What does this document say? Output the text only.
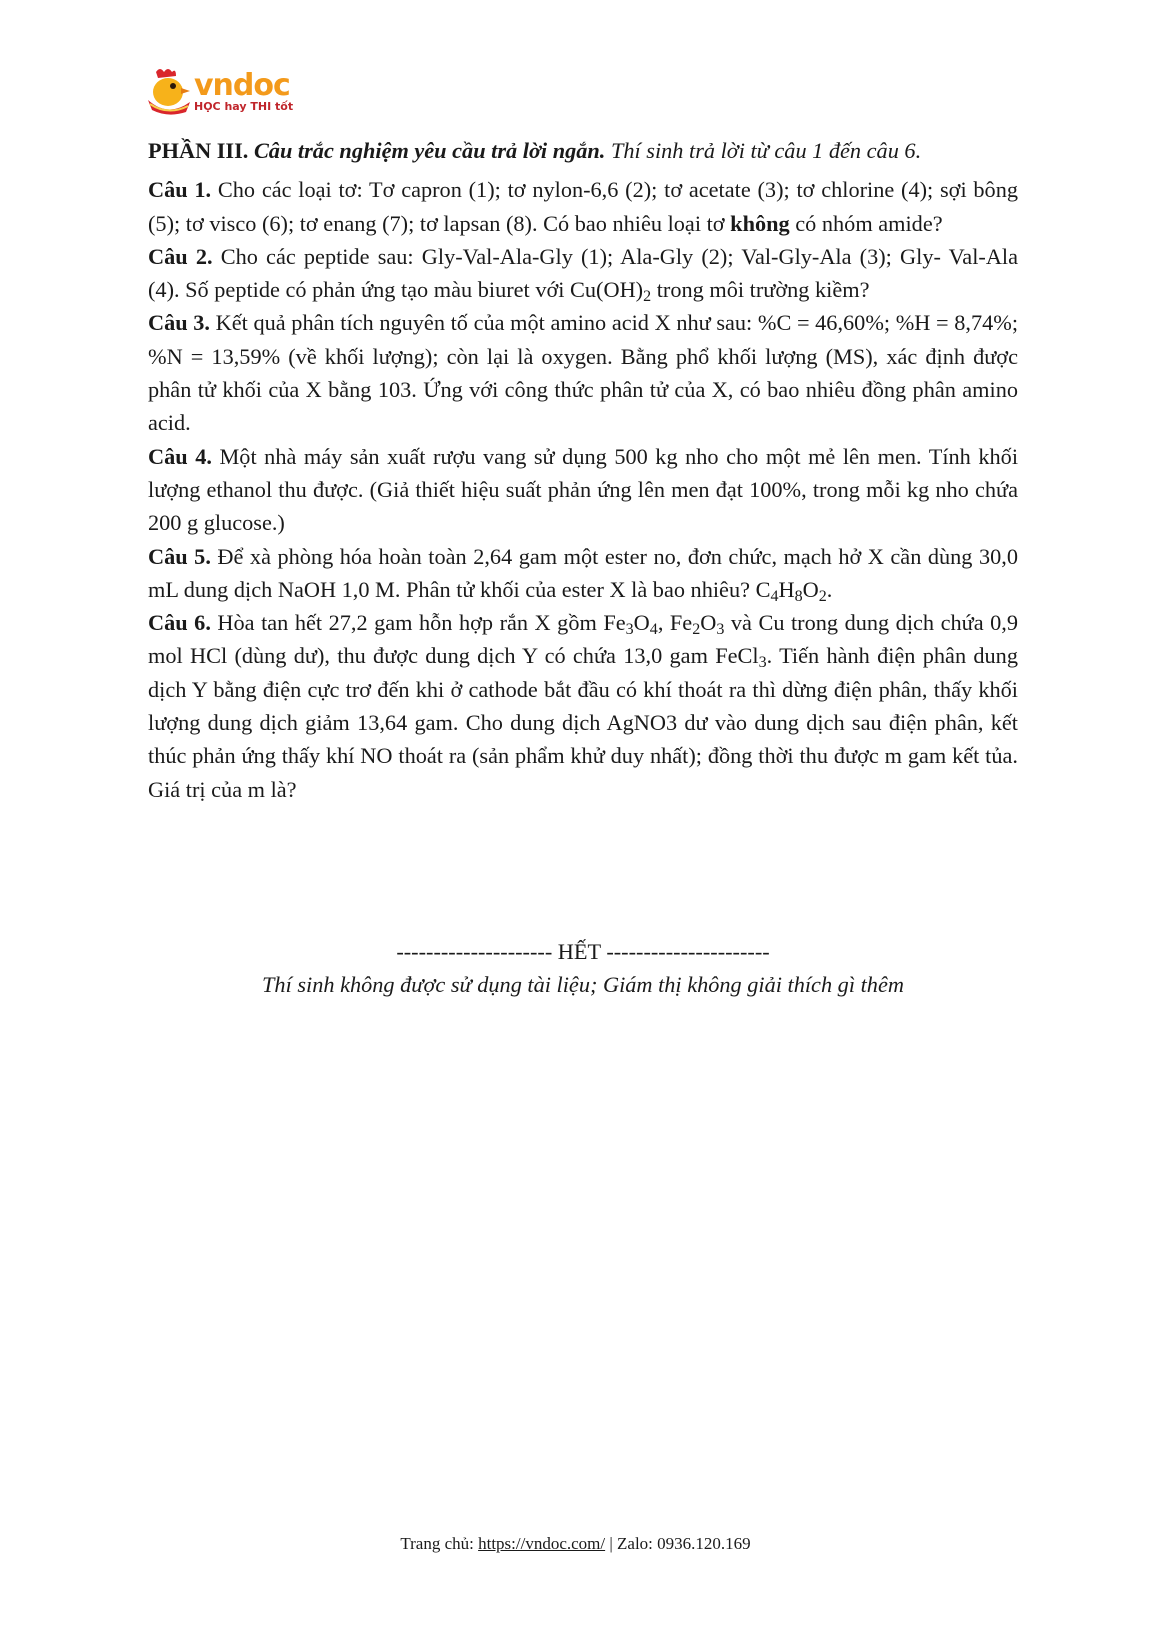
vndoc
HỌC hay THI tốt

PHẦN III. Câu trắc nghiệm yêu cầu trả lời ngắn. Thí sinh trả lời từ câu 1 đến câu 6.

Câu 1. Cho các loại tơ: Tơ capron (1); tơ nylon-6,6 (2); tơ acetate (3); tơ chlorine (4); sợi bông (5); tơ visco (6); tơ enang (7); tơ lapsan (8). Có bao nhiêu loại tơ không có nhóm amide?

Câu 2. Cho các peptide sau: Gly-Val-Ala-Gly (1); Ala-Gly (2); Val-Gly-Ala (3); Gly- Val-Ala (4). Số peptide có phản ứng tạo màu biuret với $Cu(OH)_2$ trong môi trường kiềm?

Câu 3. Kết quả phân tích nguyên tố của một amino acid X như sau: %C = 46,60%; %H = 8,74%; %N = 13,59% (về khối lượng); còn lại là oxygen. Bằng phổ khối lượng (MS), xác định được phân tử khối của X bằng 103. Ứng với công thức phân tử của X, có bao nhiêu đồng phân amino acid.

Câu 4. Một nhà máy sản xuất rượu vang sử dụng 500 kg nho cho một mẻ lên men. Tính khối lượng ethanol thu được. (Giả thiết hiệu suất phản ứng lên men đạt 100%, trong mỗi kg nho chứa 200 g glucose.)

Câu 5. Để xà phòng hóa hoàn toàn 2,64 gam một ester no, đơn chức, mạch hở X cần dùng 30,0 mL dung dịch NaOH 1,0 M. Phân tử khối của ester X là bao nhiêu? $C_4H_8O_2$.

Câu 6. Hòa tan hết 27,2 gam hỗn hợp rắn X gồm $Fe_3O_4$, $Fe_2O_3$ và Cu trong dung dịch chứa 0,9 mol HCl (dùng dư), thu được dung dịch Y có chứa 13,0 gam FeCl$_3$. Tiến hành điện phân dung dịch Y bằng điện cực trơ đến khi ở cathode bắt đầu có khí thoát ra thì dừng điện phân, thấy khối lượng dung dịch giảm 13,64 gam. Cho dung dịch AgNO3 dư vào dung dịch sau điện phân, kết thúc phản ứng thấy khí NO thoát ra (sản phẩm khử duy nhất); đồng thời thu được m gam kết tủa. Giá trị của m là?

--------------------- HẾT ----------------------
Thí sinh không được sử dụng tài liệu; Giám thị không giải thích gì thêm
Trang chủ: https://vndoc.com/ | Zalo: 0936.120.169
